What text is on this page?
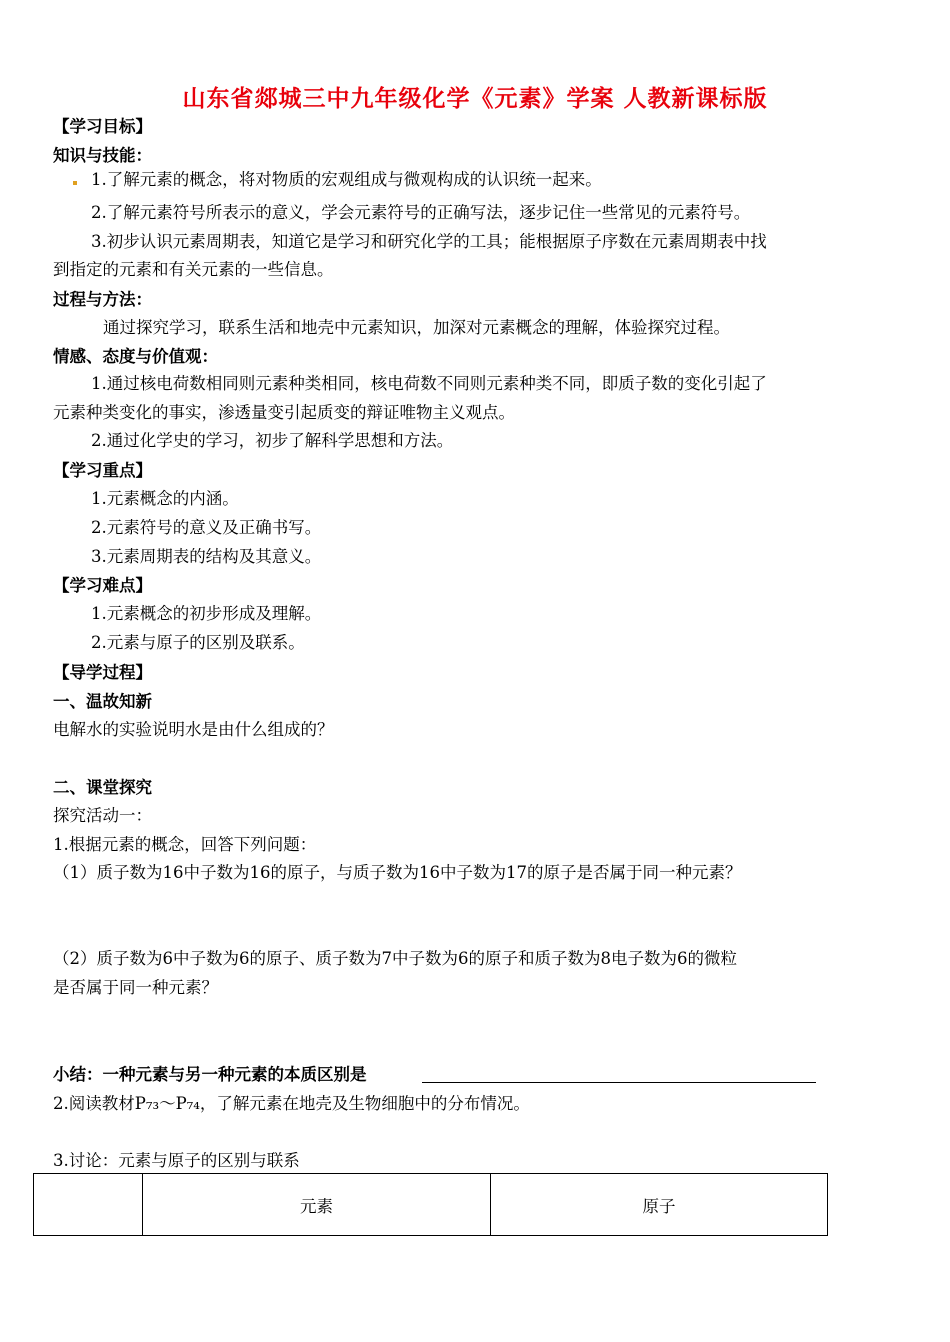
山东省郯城三中九年级化学《元素》学案 人教新课标版
【学习目标】
知识与技能：
1.了解元素的概念，将对物质的宏观组成与微观构成的认识统一起来。
2.了解元素符号所表示的意义，学会元素符号的正确写法，逐步记住一些常见的元素符号。
3.初步认识元素周期表，知道它是学习和研究化学的工具；能根据原子序数在元素周期表中找
到指定的元素和有关元素的一些信息。
过程与方法：
通过探究学习，联系生活和地壳中元素知识，加深对元素概念的理解，体验探究过程。
情感、态度与价值观：
1.通过核电荷数相同则元素种类相同，核电荷数不同则元素种类不同，即质子数的变化引起了
元素种类变化的事实，渗透量变引起质变的辩证唯物主义观点。
2.通过化学史的学习，初步了解科学思想和方法。
【学习重点】
1.元素概念的内涵。
2.元素符号的意义及正确书写。
3.元素周期表的结构及其意义。
【学习难点】
1.元素概念的初步形成及理解。
2.元素与原子的区别及联系。
【导学过程】
一、温故知新
电解水的实验说明水是由什么组成的？
二、课堂探究
探究活动一：
1.根据元素的概念，回答下列问题：
（1）质子数为16中子数为16的原子，与质子数为16中子数为17的原子是否属于同一种元素？
（2）质子数为6中子数为6的原子、质子数为7中子数为6的原子和质子数为8电子数为6的微粒
是否属于同一种元素？
小结：一种元素与另一种元素的本质区别是
2.阅读教材P₇₃～P₇₄，了解元素在地壳及生物细胞中的分布情况。
3.讨论：元素与原子的区别与联系
	元素	原子
